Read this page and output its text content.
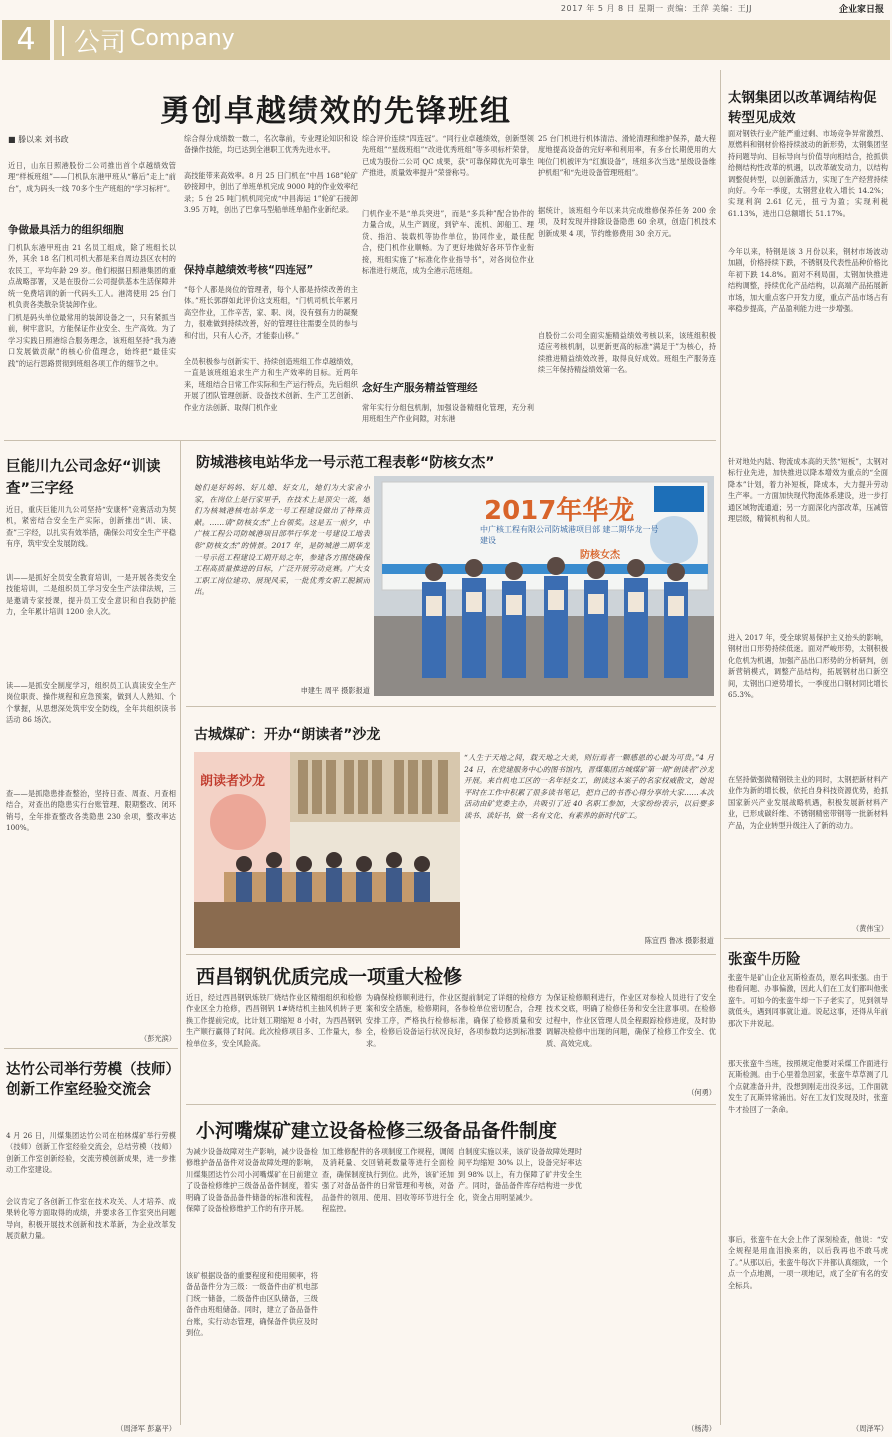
2017 年 5 月 8 日 星期一 责编：王萍 美编：王JJ	企业家日报
4	公司 Company
勇创卓越绩效的先锋班组
■ 滕以来 刘书政
近日，山东日照港股份二公司推出首个卓越绩效管理“样板班组”——门机队东港甲班从“幕后”走上“前台”，成为码头一线 70多个生产班组的“学习标杆”。
争做最具活力的组织细胞
门机队东港甲班由 21 名员工组成，除了班组长以外，其余 18 名门机司机大都是来自周边县区农村的农民工，平均年龄 29 岁。他们根据日照港集团的重点战略部署，又是在股份二公司提供基本生活保障并统一免费培训的新一代码头工人。港湾使用 25 台门机负责各类散杂货装卸作业。
门机是码头单位最常用的装卸设备之一，只有紧抓当前，树牢意识，方能保证作业安全、生产高效。为了学习实践日照港综合服务理念，该班组坚持“我为港口发展做贡献”的核心价值理念，始终把“最佳实践”的运行思路贯彻到班组各项工作的细节之中。
综合得分成绩数一数二，名次靠前，专业理论知识和设备操作技能，均已达到全港职工优秀先进水平。
高技能带来高效率。8 月 25 日门机在“中昌 168”轮矿砂接卸中，创出了单班单机完成 9000 吨的作业效率纪录；5 台 25 吨门机机同完成“中昌海运 1”轮矿石接卸 3.95 万吨，创出了巴拿马型船单班单船作业新纪录。
保持卓越绩效考核“四连冠”
“每个人都是岗位的管理者，每个人都是持续改善的主体。”班长郭群如此评价这支班组，“门机司机长年累月高空作业，工作辛苦，家、职、岗，没有强有力的凝聚力，很难做到持续改善，好的管理往往需要全员的参与和付出，只有人心齐，才能泰山移。”
全员积极参与创新实干、持续创造班组工作卓越绩效，一直是该班组追求生产力和生产效率的目标。近两年来，班组结合日常工作实际和生产运行特点，先后组织开展了团队管理创新、设备技术创新、生产工艺创新、作业方法创新、取得门机作业
综合评价连续“四连冠”。“同行业卓越绩效，创新型领先班组”“星级班组”“改进优秀班组”等多项标杆荣誉，已成为股份二公司 QC 成果，获“可靠保障优先可靠生产推进，质量效率提升”荣誉称号。
门机作业不是“单兵突进”，而是“多兵种”配合协作的力量合成，从生产调度，到铲车、流机、卸船工、理货、指泊、装载机等协作单位，协同作业，最佳配合，使门机作业顺畅。为了更好地做好各环节作业衔接，班组实施了“标准化作业指导书”，对各岗位作业标准进行规范，成为全港示范班组。
念好生产服务精益管理经
常年实行分组包机制，加强设备精细化管理，充分利用班组生产作业间隙，对东港
25 台门机进行机体清洁、滑轮清理和维护保养，最大程度地提高设备的完好率和利用率，有多台长期使用的大吨位门机被评为“红旗设备”，班组多次当选“星级设备维护机组”和“先进设备管理班组”。
据统计，该班组今年以来共完成维修保养任务 200 余项，及时发现并排除设备隐患 60 余项，创造门机技术创新成果 4 项，节约维修费用 30 余万元。
自股份二公司全面实施精益绩效考核以来，该班组积极适应考核机制，以更新更高的标准“满足于”为核心，持续推进精益绩效改善，取得良好成效。班组生产服务连续三年保持精益绩效第一名。
巨能川九公司念好“训读查”三字经
近日，重庆巨能川九公司坚持“安康杯”竞赛活动为契机，紧密结合安全生产实际，创新推出“训、读、查”三字经，以扎实有效举措，确保公司安全生产平稳有序，筑牢安全发展防线。
训——是抓好全员安全教育培训，一是开展各类安全技能培训，二是组织员工学习安全生产法律法规，三是邀请专家授课，提升员工安全意识和自我防护能力，全年累计培训 1200 余人次。
读——是抓安全制度学习，组织员工认真读安全生产岗位职责、操作规程和应急预案，做到人人熟知、个个掌握，从思想深处筑牢安全防线，全年共组织读书活动 86 场次。
查——是抓隐患排查整治，坚持日查、周查、月查相结合，对查出的隐患实行台账管理、限期整改、闭环销号，全年排查整改各类隐患 230 余项，整改率达 100%。
（彭光滨）
达竹公司举行劳模（技师）创新工作室经验交流会
4 月 26 日，川煤集团达竹公司在柏林煤矿举行劳模（技师）创新工作室经验交流会，总结劳模（技师）创新工作室创新经验，交流劳模创新成果，进一步推动工作室建设。
会议肯定了各创新工作室在技术攻关、人才培养、成果转化等方面取得的成绩，并要求各工作室突出问题导向，积极开展技术创新和技术革新，为企业改革发展贡献力量。
（周泽军 彭嘉平）
防城港核电站华龙一号示范工程表彰“防核女杰”
她们是好妈妈、好儿媳、好女儿，她们为大家舍小家，在岗位上是行家里手，在技术上是顶尖一流，她们为核城港核电站华龙一号工程建设做出了特殊贡献。……请“防核女杰”上台领奖。这是五一前夕，中广核工程公司防城港项目部举行华龙一号建设工地表彰“防核女杰”的情景。2017 年，是防城港二期华龙一号示范工程建设工期开局之年，参建各方围绕确保工程高质量推进的目标，广泛开展劳动竞赛。广大女工职工岗位建功、展现风采，一批优秀女职工脱颖而出。
申建生 周平 摄影报道
2017年华龙
中广核工程有限公司防城港项目部 建二期华龙一号建设
防核女杰
古城煤矿：开办“朗读者”沙龙
朗读者沙龙
“人生于天地之间，载天地之大美，则衍焉者一颗感恩的心最为可贵。”4 月 24 日，在党建服务中心的图书馆内，晋煤集团古城煤矿第一期“朗读者”沙龙开展。来自机电工区的一名年轻女工，朗读这本案子的名家权威散文，她说平时在工作中积累了很多读书笔记，把自己的书香心得分享给大家……本次活动由矿党委主办，共吸引了近 40 名职工参加，大家纷纷表示，以后要多读书、读好书，做一名有文化、有素养的新时代矿工。
陈宜西 鲁冰 摄影报道
西昌钢钒优质完成一项重大检修
近日，经过西昌钢钒炼铁厂烧结作业区精细组织和检修作业区全力抢修，西昌钢钒 1#烧结机主抽风机转子更换工作提前完成，比计划工期缩短 8 小时，为西昌钢钒生产顺行赢得了时间。此次检修项目多、工作量大，参检单位多，安全风险高。
为确保检修顺利进行，作业区提前制定了详细的检修方案和安全措施，检修期间，各参检单位密切配合，合理安排工序，严格执行检修标准，确保了检修质量和安全，检修后设备运行状况良好，各项参数均达到标准要求。
为保证检修顺利进行，作业区对参检人员进行了安全技术交底，明确了检修任务和安全注意事项。在检修过程中，作业区管理人员全程跟踪检修进度，及时协调解决检修中出现的问题，确保了检修工作安全、优质、高效完成。
（何勇）
小河嘴煤矿建立设备检修三级备品备件制度
为减少设备故障对生产影响，减少设备检修维护备品备件对设备故障处理的影响，川煤集团达竹公司小河嘴煤矿在日前建立了设备检修维护三级备品备件制度，着实明确了设备备品备件储备的标准和流程，保障了设备检修维护工作的有序开展。
该矿根据设备的重要程度和使用频率，将备品备件分为三级：一级备件由矿机电部门统一储备，二级备件由区队储备，三级备件由班组储备。同时，建立了备品备件台账，实行动态管理，确保备件供应及时到位。
加工维修配件的各项制度工作规程，调阅及消耗量、交回销耗数量等进行全面检查，确保制度执行到位。此外，该矿还加强了对备品备件的日常管理和考核，对备品备件的领用、使用、回收等环节进行全程监控。
自制度实施以来，该矿设备故障处理时间平均缩短 30% 以上，设备完好率达到 98% 以上，有力保障了矿井安全生产。同时，备品备件库存结构进一步优化，资金占用明显减少。
（杨涛）
太钢集团以改革调结构促转型见成效
面对钢铁行业产能严重过剩、市场竞争异常激烈、原燃料和钢材价格持续波动的新形势，太钢集团坚持问题导向、目标导向与价值导向相结合，抢抓供给侧结构性改革的机遇，以改革破发动力，以结构调整促转型，以创新激活力，实现了生产经营持续向好。今年一季度，太钢营业收入增长 14.2%；实现利润 2.61 亿元，扭亏为盈；实现利税 61.13%，进出口总额增长 51.17%。
今年以来，特钢是该 3 月份以来，钢材市场波动加剧，价格持续下跌，不锈钢及代表性品种价格比年初下跌 14.8%。面对不利局面，太钢加快推进结构调整，持续优化产品结构，以高端产品拓展新市场，加大重点客户开发力度，重点产品市场占有率稳步提高，产品盈利能力进一步增强。
针对地处内陆、物流成本高的天然“短板”，太钢对标行业先进，加快推进以降本增效为重点的“全面降本”计划，着力补短板，降成本，大力提升劳动生产率。一方面加快现代物流体系建设，进一步打通区域物流通道；另一方面深化内部改革，压减管理层级，精简机构和人员。
进入 2017 年，受全球贸易保护主义抬头的影响，钢材出口形势持续低迷。面对严峻形势，太钢积极化危机为机遇，加强产品出口形势的分析研判，创新营销模式，调整产品结构，拓展钢材出口新空间，太钢出口逆势增长，一季度出口钢材同比增长 65.3%。
在坚持做强做精钢铁主业的同时，太钢把新材料产业作为新的增长极，依托自身科技资源优势，抢抓国家新兴产业发展战略机遇，积极发展新材料产业，已形成碳纤维、不锈钢精密带钢等一批新材料产品，为企业转型升级注入了新的动力。
（黄伟宝）
张蛮牛历险
张蛮牛是矿山企业瓦斯检查员，原名叫张强。由于他看问题、办事偏激，因此人们在工友们都叫他张蛮牛。可如今的张蛮牛却一下子老实了，见到领导就低头，遇到同事就让道。说起这事，还得从年前那次下井说起。
那天张蛮牛当班，按照规定他要对采煤工作面进行瓦斯检测。由于心里着急回家，张蛮牛草草测了几个点就准备升井，没想到刚走出没多远，工作面就发生了瓦斯异常涌出。好在工友们发现及时，张蛮牛才捡回了一条命。
事后，张蛮牛在大会上作了深刻检查，他说：“安全规程是用血泪换来的，以后我再也不敢马虎了。”从那以后，张蛮牛每次下井都认真细致，一个点一个点地测，一项一项地记，成了全矿有名的安全标兵。
（周泽军）
